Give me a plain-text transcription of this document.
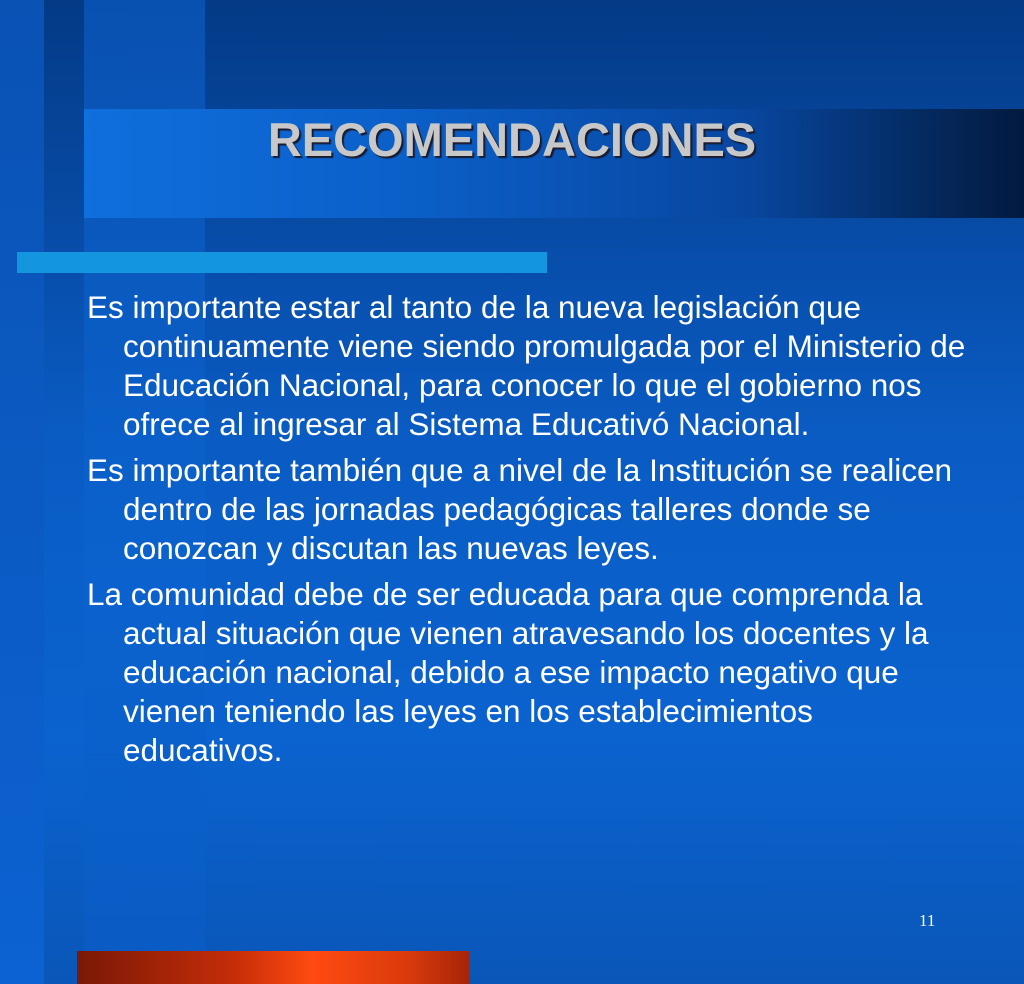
RECOMENDACIONES
Es importante estar al tanto de la nueva legislación que continuamente viene siendo promulgada por el Ministerio de Educación Nacional, para conocer lo que el gobierno nos ofrece al ingresar al Sistema Educativó Nacional.
Es importante también que a nivel de la Institución se realicen dentro de las jornadas pedagógicas talleres donde se conozcan y discutan las nuevas leyes.
La comunidad debe de ser educada para que comprenda la actual situación que vienen atravesando los docentes y la educación nacional, debido a ese impacto negativo que vienen teniendo las leyes en los establecimientos educativos.
11
